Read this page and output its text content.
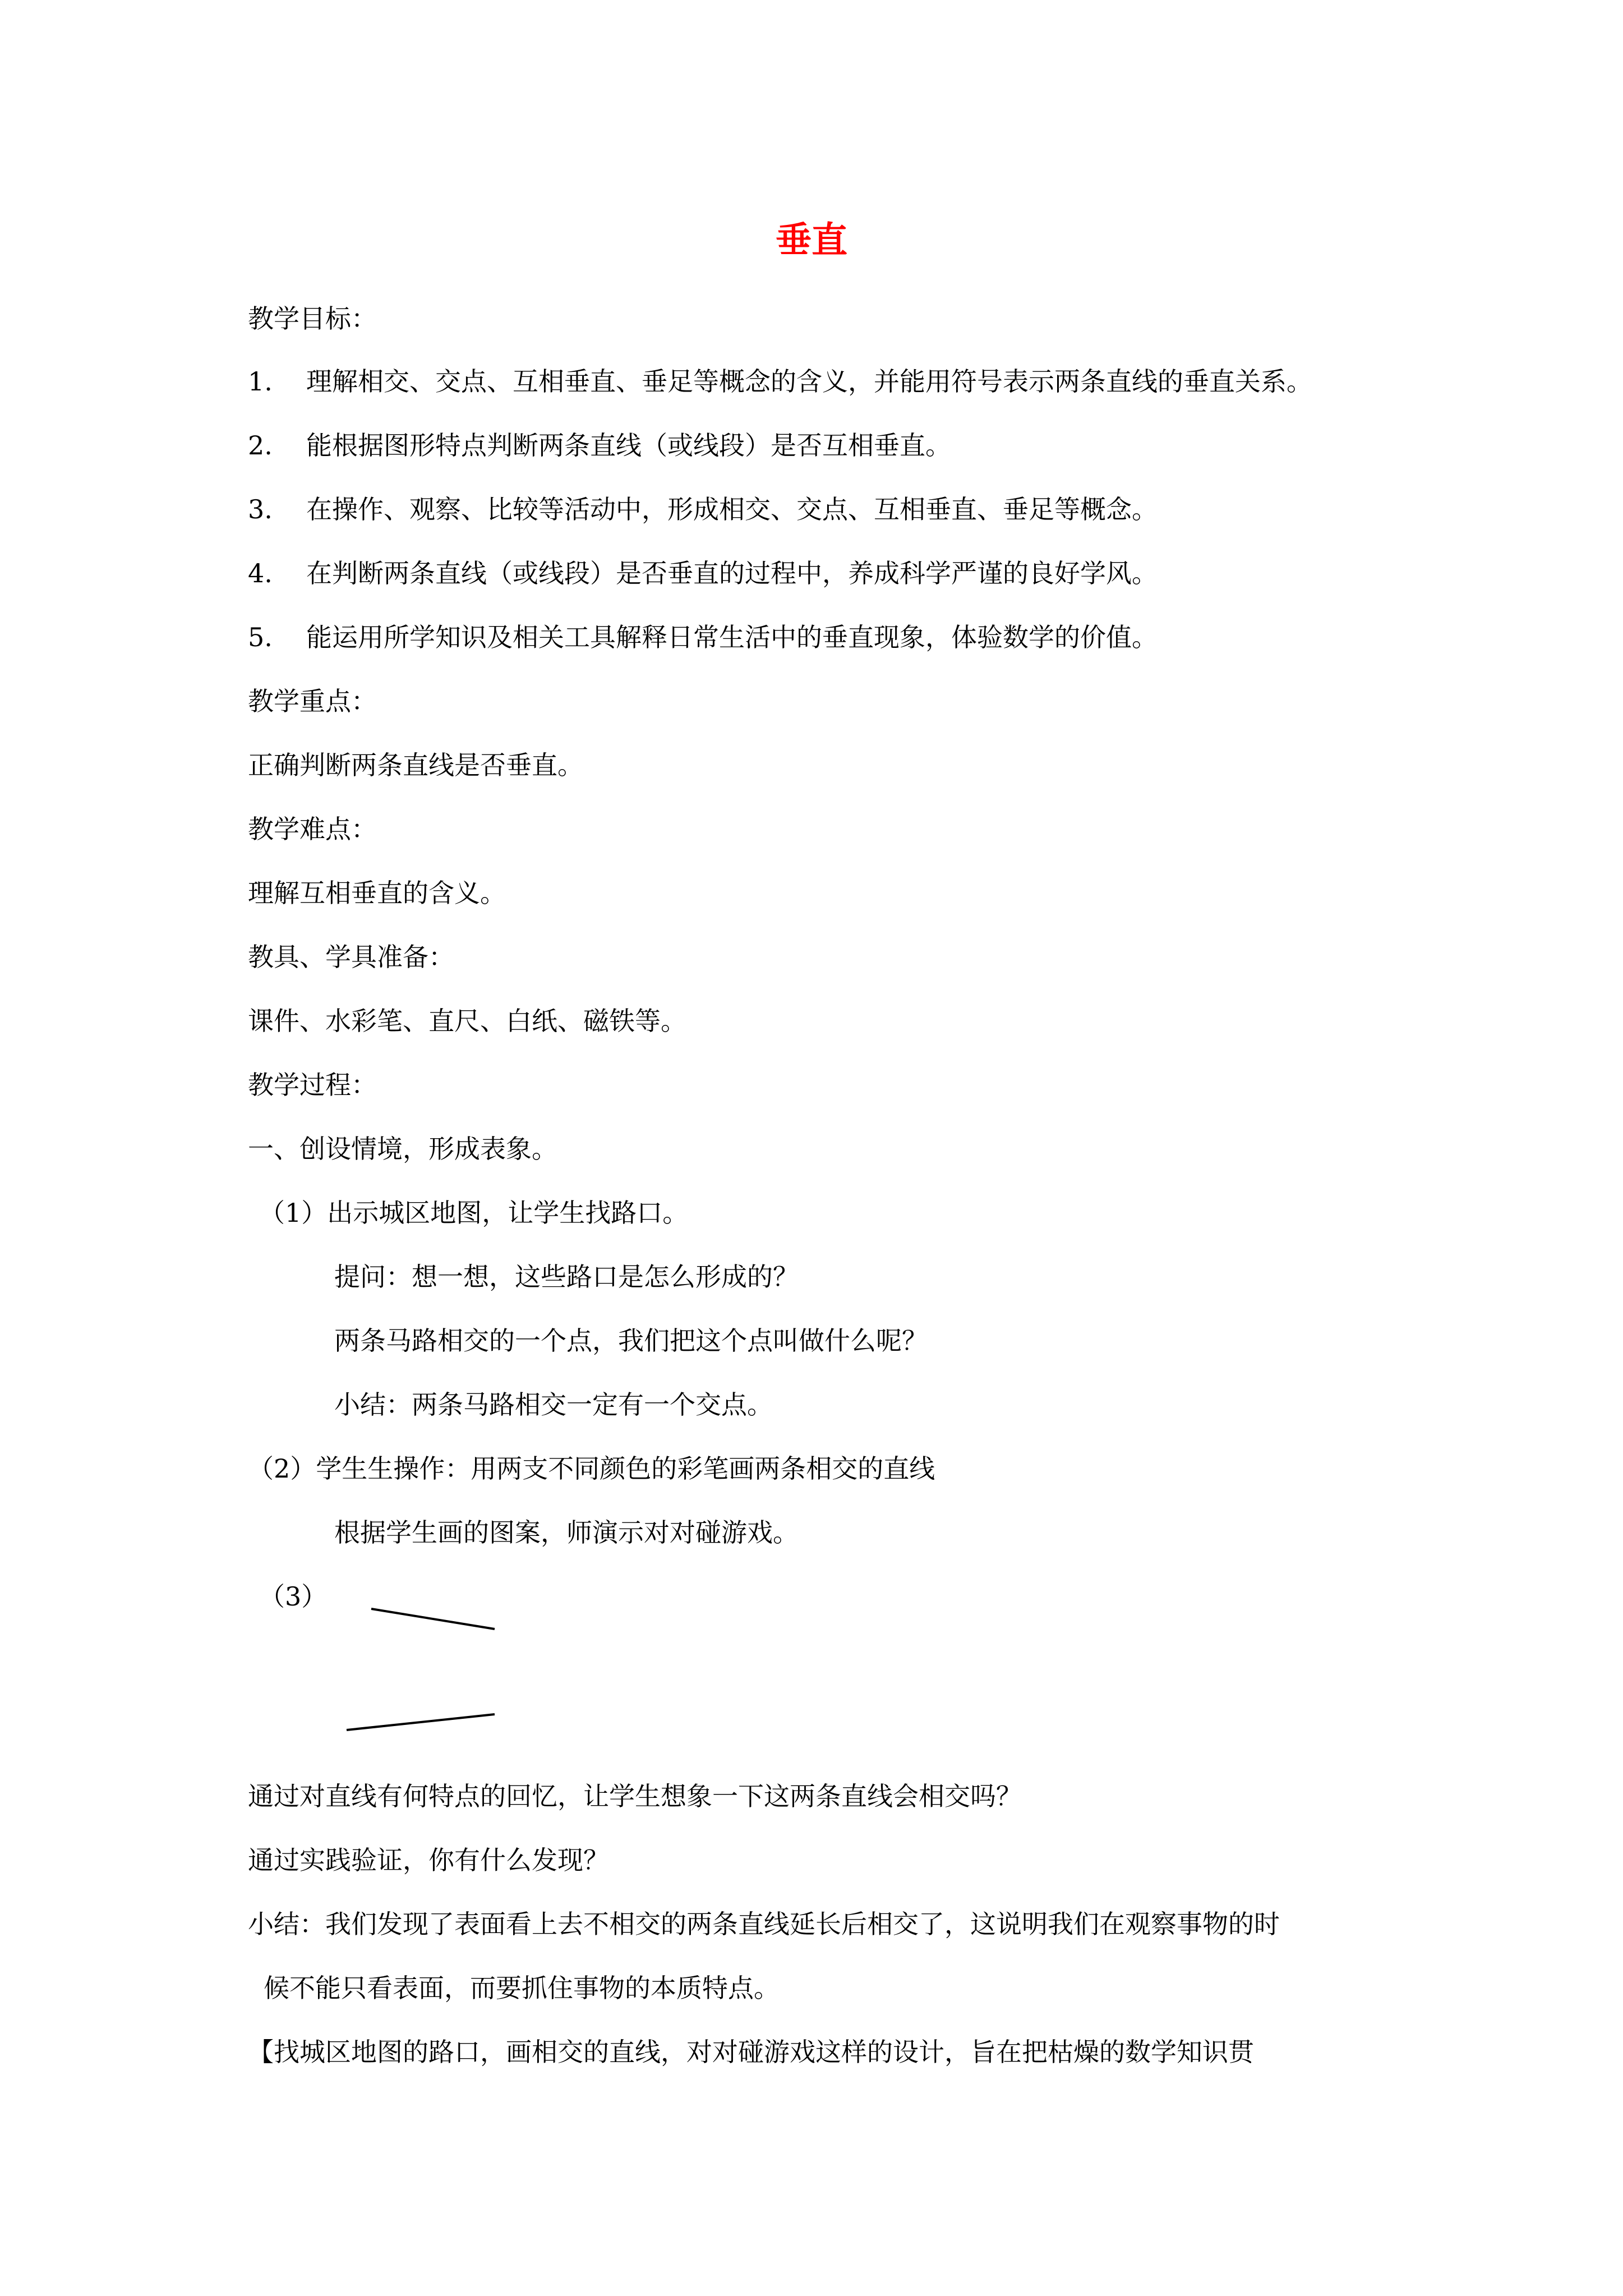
垂直
教学目标：
1. 理解相交、交点、互相垂直、垂足等概念的含义，并能用符号表示两条直线的垂直关系。
2. 能根据图形特点判断两条直线（或线段）是否互相垂直。
3. 在操作、观察、比较等活动中，形成相交、交点、互相垂直、垂足等概念。
4. 在判断两条直线（或线段）是否垂直的过程中，养成科学严谨的良好学风。
5. 能运用所学知识及相关工具解释日常生活中的垂直现象，体验数学的价值。
教学重点：
正确判断两条直线是否垂直。
教学难点：
理解互相垂直的含义。
教具、学具准备：
课件、水彩笔、直尺、白纸、磁铁等。
教学过程：
一、创设情境，形成表象。
（1）出示城区地图，让学生找路口。
提问：想一想，这些路口是怎么形成的？
两条马路相交的一个点，我们把这个点叫做什么呢？
小结：两条马路相交一定有一个交点。
（2）学生生操作：用两支不同颜色的彩笔画两条相交的直线
根据学生画的图案，师演示对对碰游戏。
（3）
通过对直线有何特点的回忆，让学生想象一下这两条直线会相交吗？
通过实践验证，你有什么发现？
小结：我们发现了表面看上去不相交的两条直线延长后相交了，这说明我们在观察事物的时
候不能只看表面，而要抓住事物的本质特点。
【找城区地图的路口，画相交的直线，对对碰游戏这样的设计，旨在把枯燥的数学知识贯
